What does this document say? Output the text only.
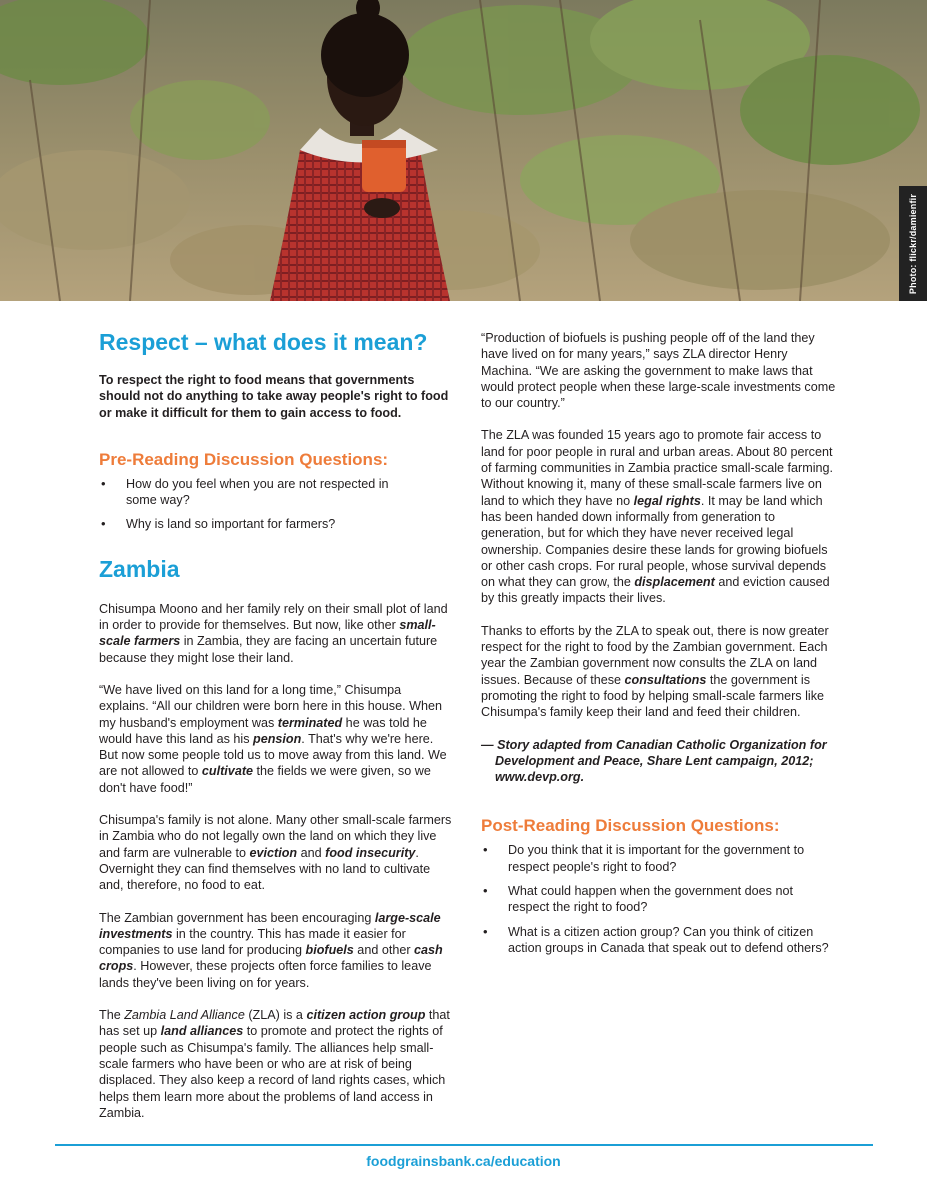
Photo: flickr/damienfir
Respect – what does it mean?

To respect the right to food means that governments should not do anything to take away people's right to food or make it difficult for them to gain access to food.

Pre-Reading Discussion Questions:
• How do you feel when you are not respected in some way?
• Why is land so important for farmers?
Zambia

Chisumpa Moono and her family rely on their small plot of land in order to provide for themselves. But now, like other small-scale farmers in Zambia, they are facing an uncertain future because they might lose their land.

“We have lived on this land for a long time,” Chisumpa explains. “All our children were born here in this house. When my husband's employment was terminated he was told he would have this land as his pension. That's why we're here. But now some people told us to move away from this land. We are not allowed to cultivate the fields we were given, so we don't have food!”

Chisumpa's family is not alone. Many other small-scale farmers in Zambia who do not legally own the land on which they live and farm are vulnerable to eviction and food insecurity. Overnight they can find themselves with no land to cultivate and, therefore, no food to eat.

The Zambian government has been encouraging large-scale investments in the country. This has made it easier for companies to use land for producing biofuels and other cash crops. However, these projects often force families to leave lands they've been living on for years.

The Zambia Land Alliance (ZLA) is a citizen action group that has set up land alliances to promote and protect the rights of people such as Chisumpa's family. The alliances help small-scale farmers who have been or who are at risk of being displaced. They also keep a record of land rights cases, which helps them learn more about the problems of land access in Zambia.

“Production of biofuels is pushing people off of the land they have lived on for many years,” says ZLA director Henry Machina. “We are asking the government to make laws that would protect people when these large-scale investments come to our country.”

The ZLA was founded 15 years ago to promote fair access to land for poor people in rural and urban areas. About 80 percent of farming communities in Zambia practice small-scale farming. Without knowing it, many of these small-scale farmers live on land to which they have no legal rights. It may be land which has been handed down informally from generation to generation, but for which they have never received legal ownership. Companies desire these lands for growing biofuels or other cash crops. For rural people, whose survival depends on what they can grow, the displacement and eviction caused by this greatly impacts their lives.

Thanks to efforts by the ZLA to speak out, there is now greater respect for the right to food by the Zambian government. Each year the Zambian government now consults the ZLA on land issues. Because of these consultations the government is promoting the right to food by helping small-scale farmers like Chisumpa's family keep their land and feed their children.

— Story adapted from Canadian Catholic Organization for Development and Peace, Share Lent campaign, 2012; www.devp.org.

Post-Reading Discussion Questions:
• Do you think that it is important for the government to respect people's right to food?
• What could happen when the government does not respect the right to food?
• What is a citizen action group? Can you think of citizen action groups in Canada that speak out to defend others?
foodgrainsbank.ca/education
